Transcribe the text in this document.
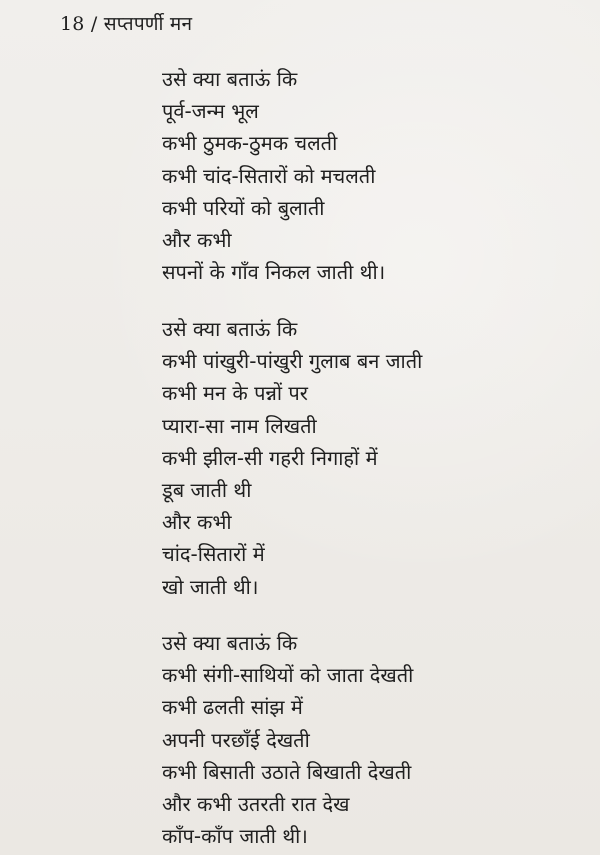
18 / सप्तपर्णी मन
उसे क्या बताऊं कि
पूर्व-जन्म भूल
कभी ठुमक-ठुमक चलती
कभी चांद-सितारों को मचलती
कभी परियों को बुलाती
और कभी
सपनों के गाँव निकल जाती थी।
उसे क्या बताऊं कि
कभी पांखुरी-पांखुरी गुलाब बन जाती
कभी मन के पन्नों पर
प्यारा-सा नाम लिखती
कभी झील-सी गहरी निगाहों में
डूब जाती थी
और कभी
चांद-सितारों में
खो जाती थी।
उसे क्या बताऊं कि
कभी संगी-साथियों को जाता देखती
कभी ढलती सांझ में
अपनी परछाँई देखती
कभी बिसाती उठाते बिखाती देखती
और कभी उतरती रात देख
काँप-काँप जाती थी।
